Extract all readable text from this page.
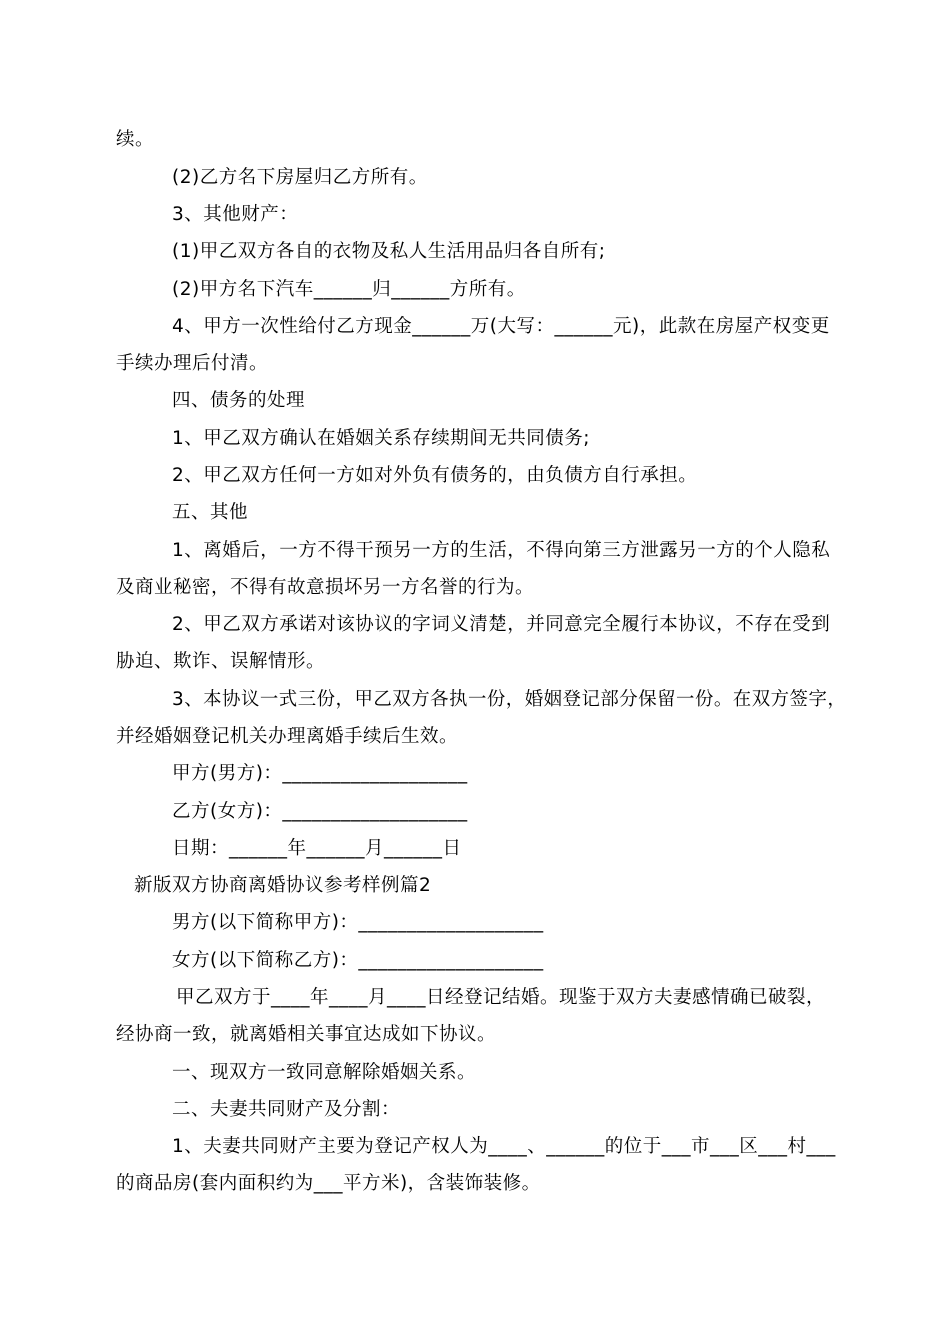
续。
(2)乙方名下房屋归乙方所有。
3、其他财产：
(1)甲乙双方各自的衣物及私人生活用品归各自所有;
(2)甲方名下汽车______归______方所有。
4、甲方一次性给付乙方现金______万(大写：______元)，此款在房屋产权变更
手续办理后付清。
四、债务的处理
1、甲乙双方确认在婚姻关系存续期间无共同债务;
2、甲乙双方任何一方如对外负有债务的，由负债方自行承担。
五、其他
1、离婚后，一方不得干预另一方的生活，不得向第三方泄露另一方的个人隐私
及商业秘密，不得有故意损坏另一方名誉的行为。
2、甲乙双方承诺对该协议的字词义清楚，并同意完全履行本协议，不存在受到
胁迫、欺诈、误解情形。
3、本协议一式三份，甲乙双方各执一份，婚姻登记部分保留一份。在双方签字，
并经婚姻登记机关办理离婚手续后生效。
甲方(男方)：___________________
乙方(女方)：___________________
日期：______年______月______日
新版双方协商离婚协议参考样例篇2
男方(以下简称甲方)：___________________
女方(以下简称乙方)：___________________
甲乙双方于____年____月____日经登记结婚。现鉴于双方夫妻感情确已破裂，
经协商一致，就离婚相关事宜达成如下协议。
一、现双方一致同意解除婚姻关系。
二、夫妻共同财产及分割：
1、夫妻共同财产主要为登记产权人为____、______的位于___市___区___村___
的商品房(套内面积约为___平方米)，含装饰装修。
